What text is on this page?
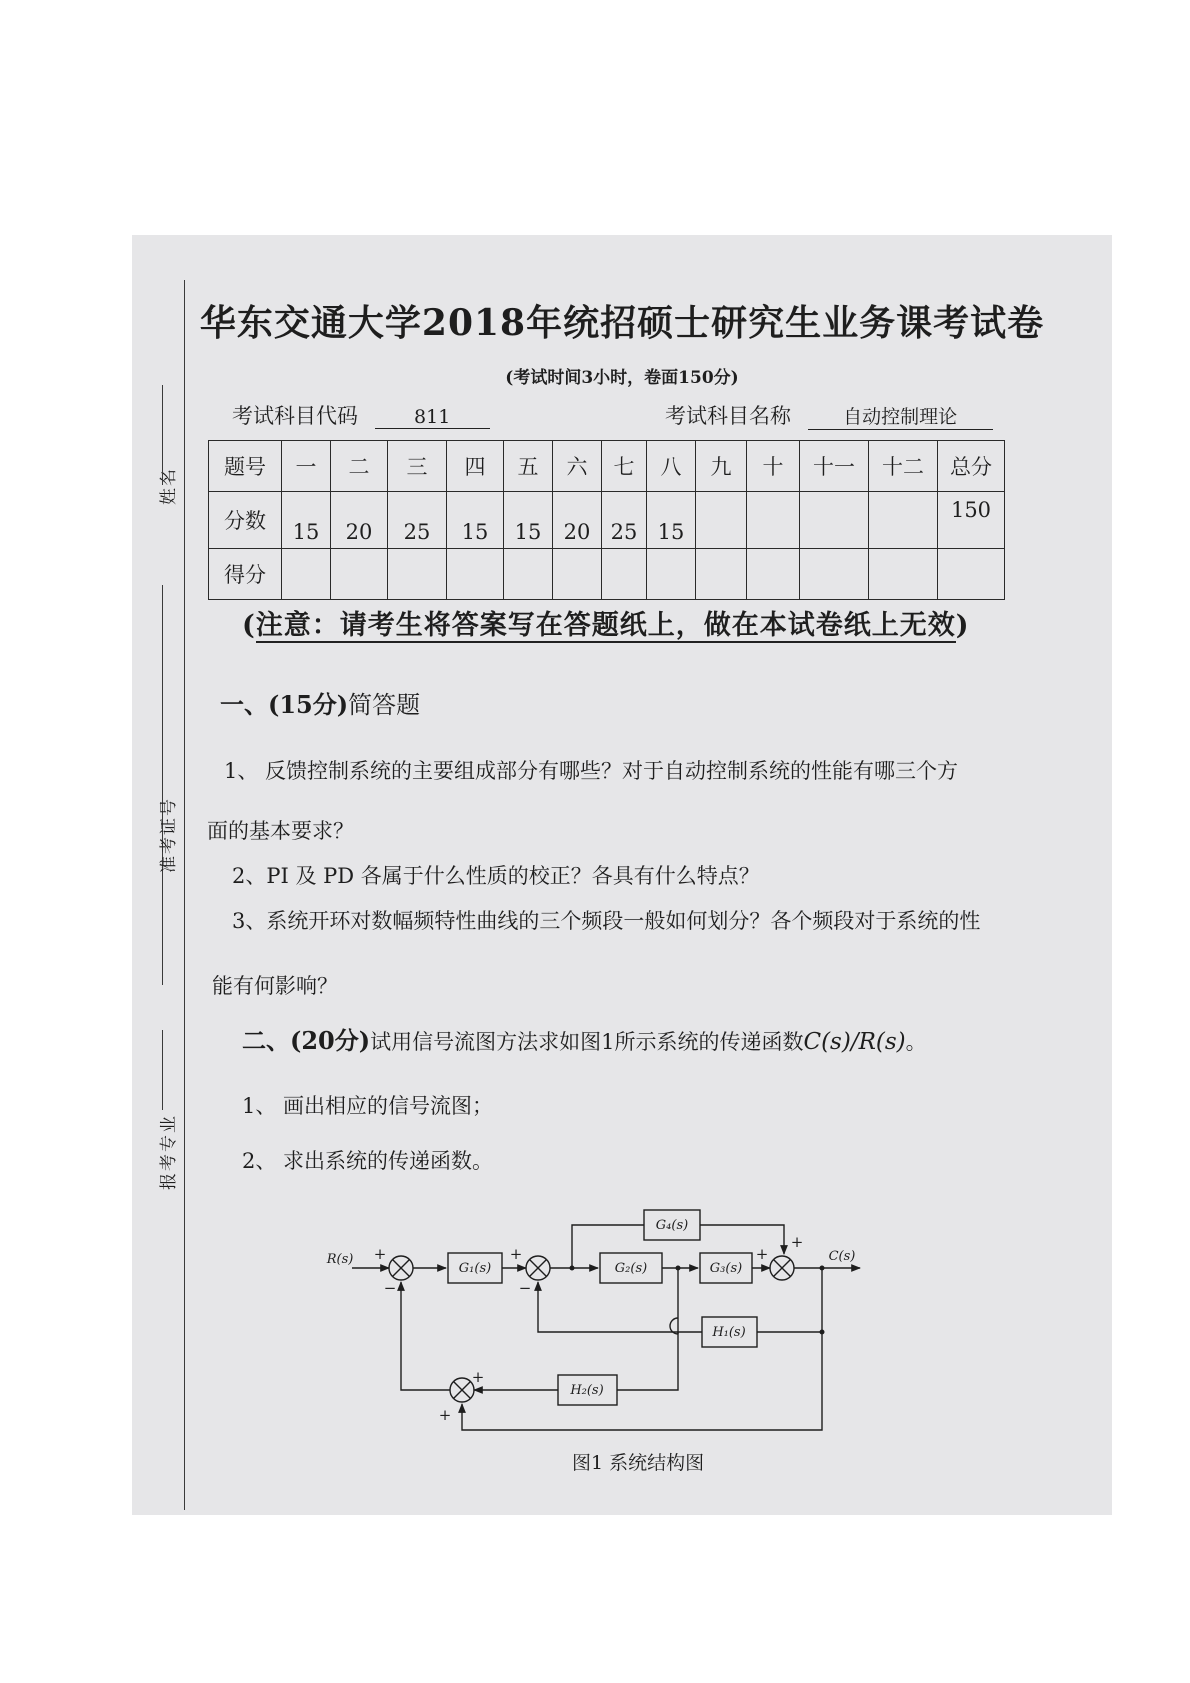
姓名
准考证号
报考专业
华东交通大学2018年统招硕士研究生业务课考试卷
(考试时间3小时，卷面150分)
考试科目代码	811	考试科目名称	自动控制理论
题号	一	二	三	四	五	六	七	八	九	十	十一	十二	总分
分数	15	20	25	15	15	20	25	15					150
得分													
(注意：请考生将答案写在答题纸上，做在本试卷纸上无效)
一、(15分)简答题
1、 反馈控制系统的主要组成部分有哪些？对于自动控制系统的性能有哪三个方
面的基本要求？
2、PI 及 PD 各属于什么性质的校正？各具有什么特点？
3、系统开环对数幅频特性曲线的三个频段一般如何划分？各个频段对于系统的性
能有何影响？
二、(20分)试用信号流图方法求如图1所示系统的传递函数C(s)/R(s)。
1、 画出相应的信号流图；
2、 求出系统的传递函数。
R(s)	C(s)
G₁(s)	G₂(s)	G₃(s)
G₄(s)
H₁(s)
H₂(s)
+
−
+
−
+
+
+
+
图1 系统结构图
